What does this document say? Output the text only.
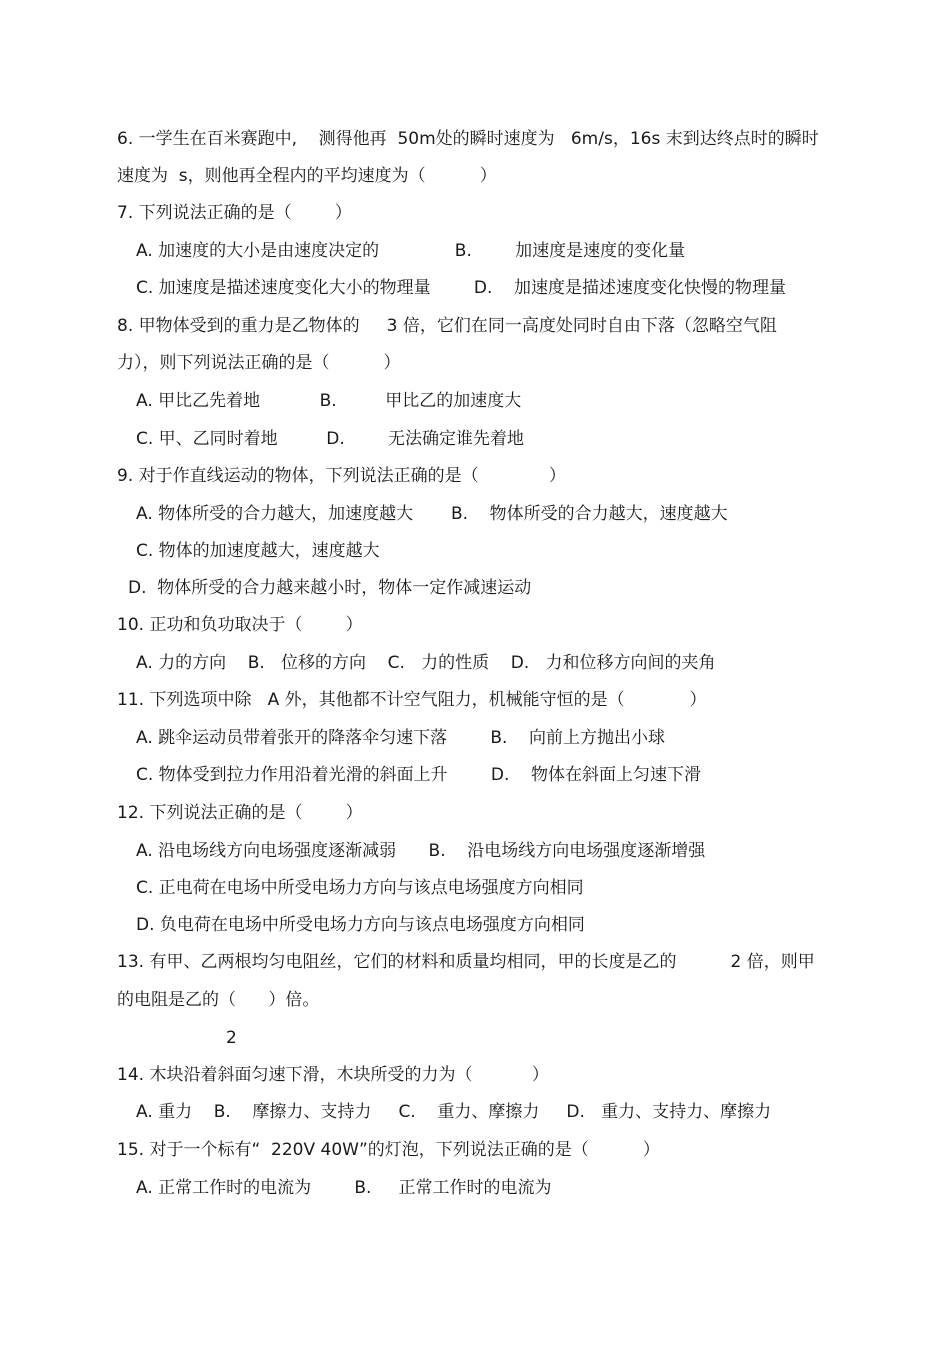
6. 一学生在百米赛跑中,    测得他再  50m处的瞬时速度为   6m/s，16s 末到达终点时的瞬时
速度为  s，则他再全程内的平均速度为（          ）
7. 下列说法正确的是（        ）
A. 加速度的大小是由速度决定的              B.        加速度是速度的变化量
C. 加速度是描述速度变化大小的物理量        D.    加速度是描述速度变化快慢的物理量
8. 甲物体受到的重力是乙物体的     3 倍，它们在同一高度处同时自由下落（忽略空气阻
力），则下列说法正确的是（          ）
A. 甲比乙先着地           B.         甲比乙的加速度大
C. 甲、乙同时着地         D.        无法确定谁先着地
9. 对于作直线运动的物体，下列说法正确的是（             ）
A. 物体所受的合力越大，加速度越大       B.    物体所受的合力越大，速度越大
C. 物体的加速度越大，速度越大
D.  物体所受的合力越来越小时，物体一定作减速运动
10. 正功和负功取决于（        ）
A. 力的方向    B.   位移的方向    C.   力的性质    D.   力和位移方向间的夹角
11. 下列选项中除   A 外，其他都不计空气阻力，机械能守恒的是（            ）
A. 跳伞运动员带着张开的降落伞匀速下落        B.    向前上方抛出小球
C. 物体受到拉力作用沿着光滑的斜面上升        D.    物体在斜面上匀速下滑
12. 下列说法正确的是（        ）
A. 沿电场线方向电场强度逐渐减弱      B.    沿电场线方向电场强度逐渐增强
C. 正电荷在电场中所受电场力方向与该点电场强度方向相同
D. 负电荷在电场中所受电场力方向与该点电场强度方向相同
13. 有甲、乙两根均匀电阻丝，它们的材料和质量均相同，甲的长度是乙的          2 倍，则甲
的电阻是乙的（      ）倍。
2
14. 木块沿着斜面匀速下滑，木块所受的力为（           ）
A. 重力    B.    摩擦力、支持力     C.    重力、摩擦力     D.   重力、支持力、摩擦力
15. 对于一个标有“  220V 40W”的灯泡，下列说法正确的是（          ）
A. 正常工作时的电流为        B.     正常工作时的电流为
